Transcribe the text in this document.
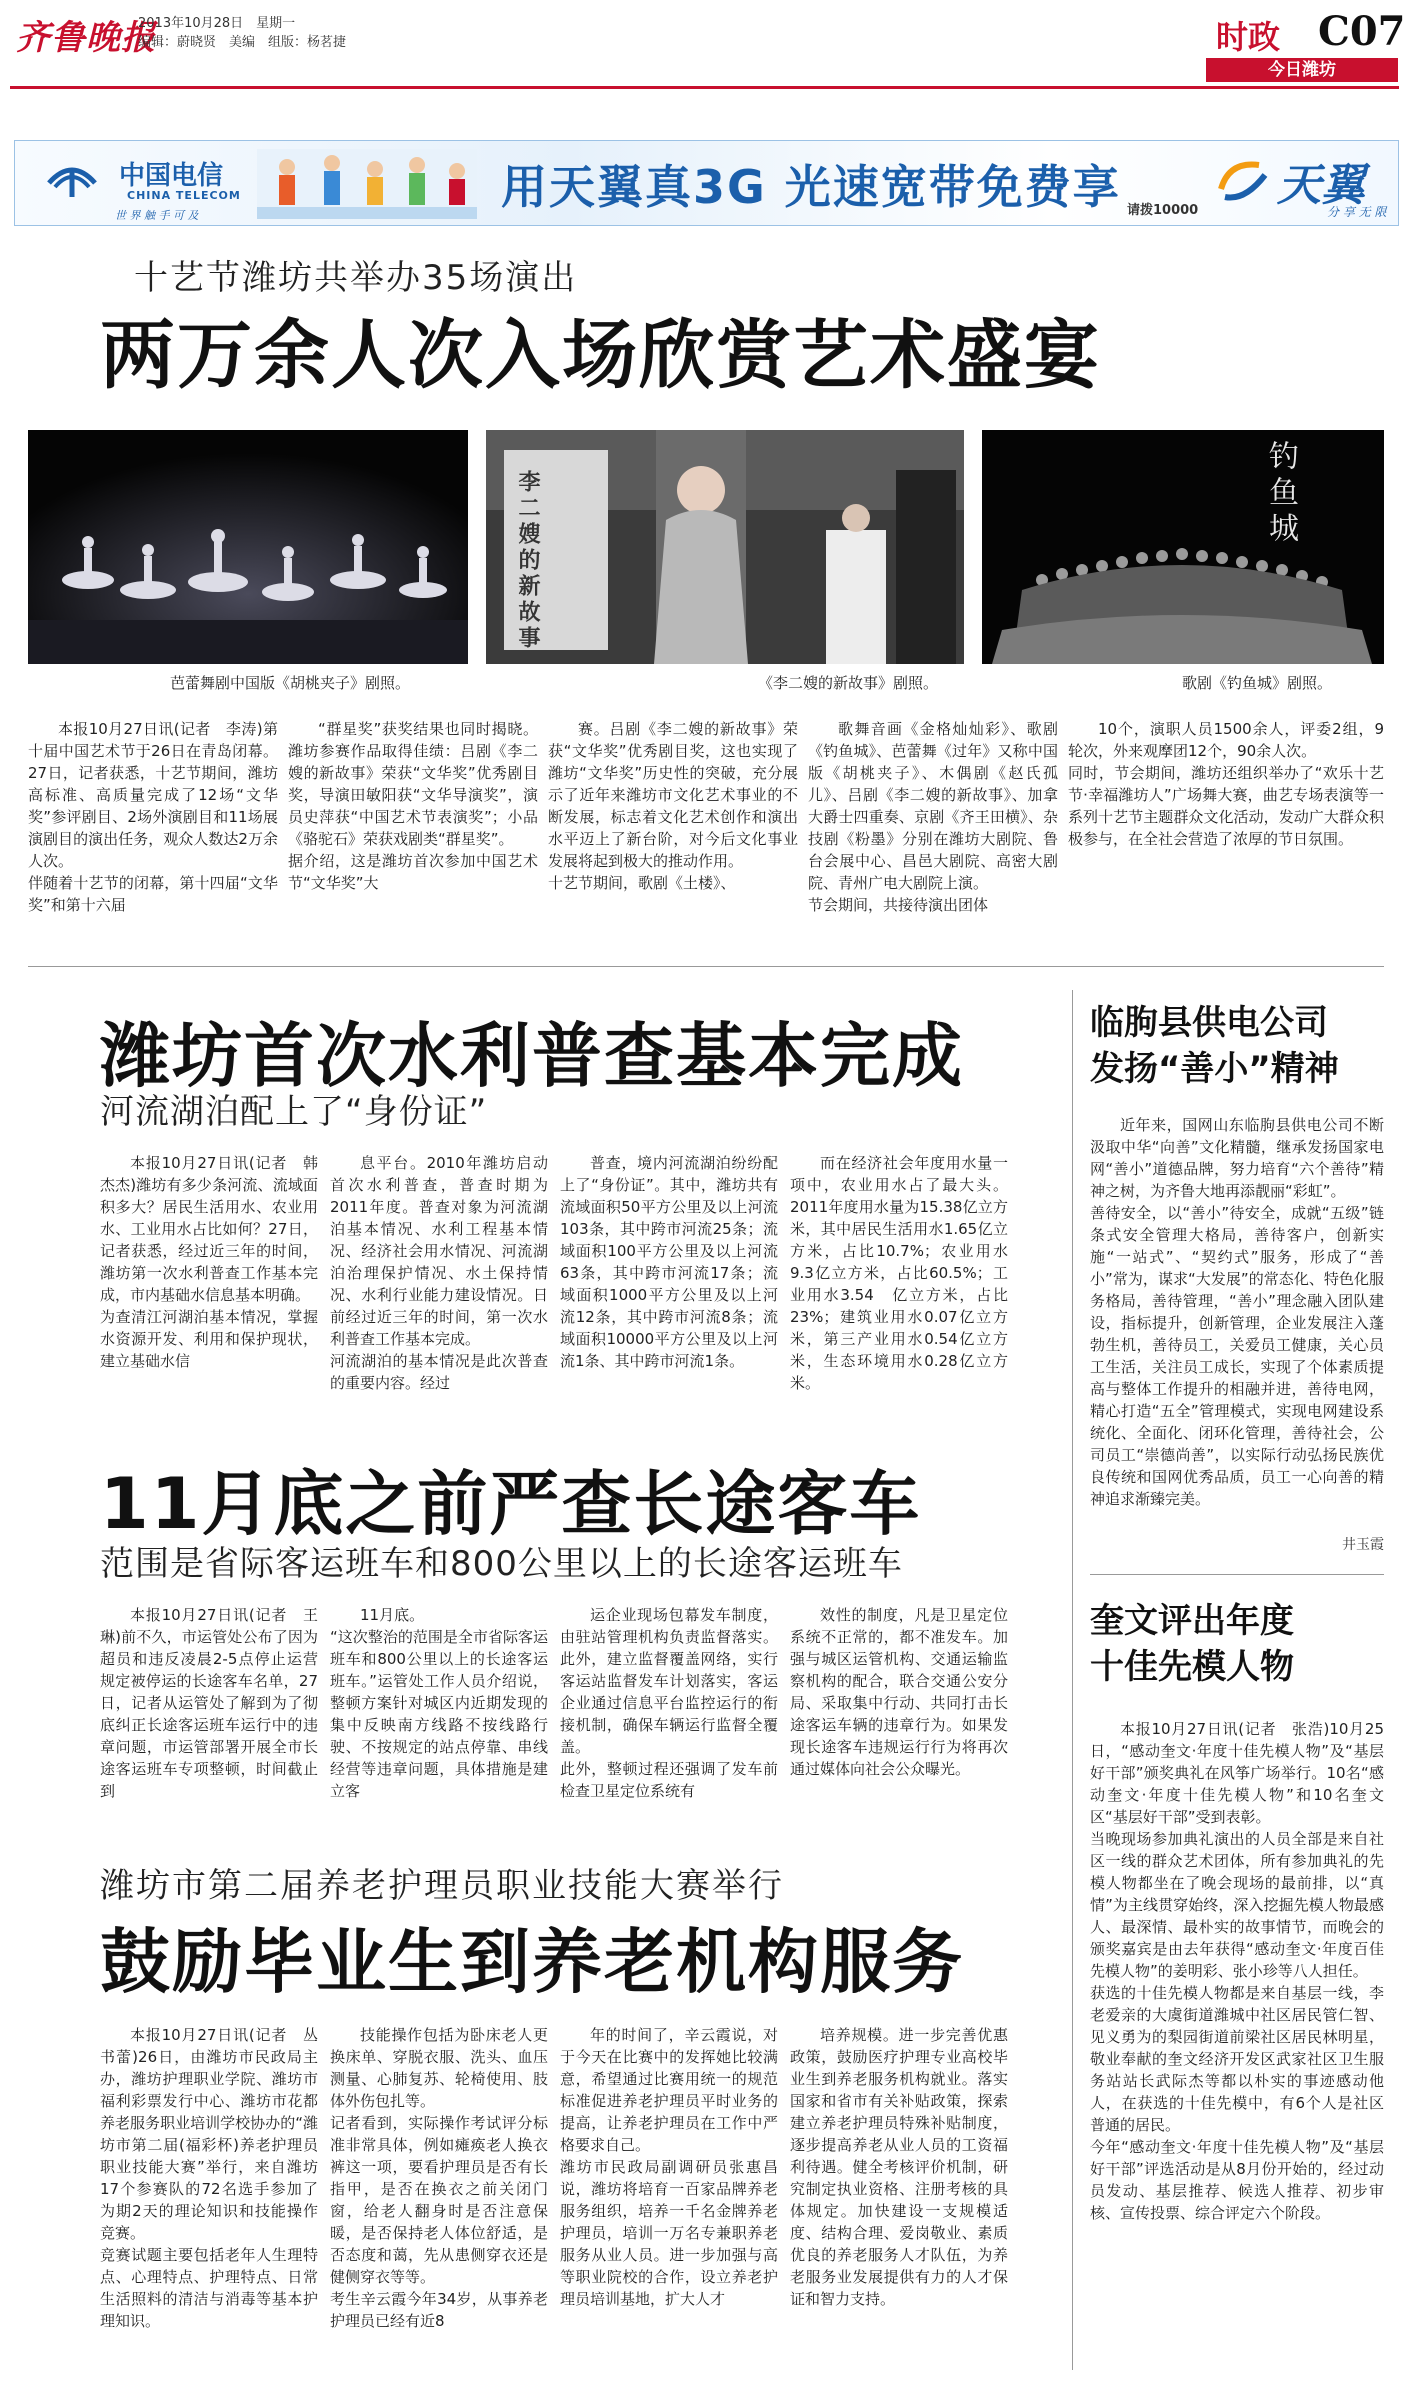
齐鲁晚报
2013年10月28日　星期一
编辑：蔚晓贤　美编　组版：杨茗捷	时政 C07
今日潍坊
中国电信
CHINA TELECOM
世 界 触 手 可 及
用天翼真3G 光速宽带免费享 请拨10000 天翼
分 享 无 限
十艺节潍坊共举办35场演出
两万余人次入场欣赏艺术盛宴
芭蕾舞剧中国版《胡桃夹子》剧照。
李二嫂的新故事
《李二嫂的新故事》剧照。
钓鱼城
歌剧《钓鱼城》剧照。
本报10月27日讯(记者　李涛)第十届中国艺术节于26日在青岛闭幕。27日，记者获悉，十艺节期间，潍坊高标准、高质量完成了12场“文华奖”参评剧目、2场外演剧目和11场展演剧目的演出任务，观众人数达2万余人次。
伴随着十艺节的闭幕，第十四届“文华奖”和第十六届
“群星奖”获奖结果也同时揭晓。潍坊参赛作品取得佳绩：吕剧《李二嫂的新故事》荣获“文华奖”优秀剧目奖，导演田敏阳获“文华导演奖”，演员史萍获“中国艺术节表演奖”；小品《骆驼石》荣获戏剧类“群星奖”。
据介绍，这是潍坊首次参加中国艺术节“文华奖”大
赛。吕剧《李二嫂的新故事》荣获“文华奖”优秀剧目奖，这也实现了潍坊“文华奖”历史性的突破，充分展示了近年来潍坊市文化艺术事业的不断发展，标志着文化艺术创作和演出水平迈上了新台阶，对今后文化事业发展将起到极大的推动作用。
十艺节期间，歌剧《土楼》、
歌舞音画《金格灿灿彩》、歌剧《钓鱼城》、芭蕾舞《过年》又称中国版《胡桃夹子》、木偶剧《赵氏孤儿》、吕剧《李二嫂的新故事》、加拿大爵士四重奏、京剧《齐王田横》、杂技剧《粉墨》分别在潍坊大剧院、鲁台会展中心、昌邑大剧院、高密大剧院、青州广电大剧院上演。
节会期间，共接待演出团体
10个，演职人员1500余人，评委2组，9轮次，外来观摩团12个，90余人次。
同时，节会期间，潍坊还组织举办了“欢乐十艺节·幸福潍坊人”广场舞大赛，曲艺专场表演等一系列十艺节主题群众文化活动，发动广大群众积极参与，在全社会营造了浓厚的节日氛围。
潍坊首次水利普查基本完成
河流湖泊配上了“身份证”
本报10月27日讯(记者　韩杰杰)潍坊有多少条河流、流域面积多大？居民生活用水、农业用水、工业用水占比如何？27日，记者获悉，经过近三年的时间，潍坊第一次水利普查工作基本完成，市内基础水信息基本明确。
为查清江河湖泊基本情况，掌握水资源开发、利用和保护现状，建立基础水信
息平台。2010年潍坊启动首次水利普查，普查时期为2011年度。普查对象为河流湖泊基本情况、水利工程基本情况、经济社会用水情况、河流湖泊治理保护情况、水土保持情况、水利行业能力建设情况。日前经过近三年的时间，第一次水利普查工作基本完成。
河流湖泊的基本情况是此次普查的重要内容。经过
普查，境内河流湖泊纷纷配上了“身份证”。其中，潍坊共有流域面积50平方公里及以上河流103条，其中跨市河流25条；流域面积100平方公里及以上河流63条，其中跨市河流17条；流域面积1000平方公里及以上河流12条，其中跨市河流8条；流域面积10000平方公里及以上河流1条、其中跨市河流1条。
而在经济社会年度用水量一项中，农业用水占了最大头。2011年度用水量为15.38亿立方米，其中居民生活用水1.65亿立方米，占比10.7%；农业用水9.3亿立方米，占比60.5%；工业用水3.54　亿立方米，占比23%；建筑业用水0.07亿立方米，第三产业用水0.54亿立方米，生态环境用水0.28亿立方米。
11月底之前严查长途客车
范围是省际客运班车和800公里以上的长途客运班车
本报10月27日讯(记者　王琳)前不久，市运管处公布了因为超员和违反凌晨2-5点停止运营规定被停运的长途客车名单，27日，记者从运管处了解到为了彻底纠正长途客运班车运行中的违章问题，市运管部署开展全市长途客运班车专项整顿，时间截止到
11月底。
“这次整治的范围是全市省际客运班车和800公里以上的长途客运班车。”运管处工作人员介绍说，整顿方案针对城区内近期发现的集中反映南方线路不按线路行驶、不按规定的站点停靠、串线经营等违章问题，具体措施是建立客
运企业现场包幕发车制度，由驻站管理机构负责监督落实。此外，建立监督覆盖网络，实行客运站监督发车计划落实，客运企业通过信息平台监控运行的衔接机制，确保车辆运行监督全覆盖。
此外，整顿过程还强调了发车前检查卫星定位系统有
效性的制度，凡是卫星定位系统不正常的，都不准发车。加强与城区运管机构、交通运输监察机构的配合，联合交通公安分局、采取集中行动、共同打击长途客运车辆的违章行为。如果发现长途客车违规运行行为将再次通过媒体向社会公众曝光。
潍坊市第二届养老护理员职业技能大赛举行
鼓励毕业生到养老机构服务
本报10月27日讯(记者　丛书蕾)26日，由潍坊市民政局主办，潍坊护理职业学院、潍坊市福利彩票发行中心、潍坊市花都养老服务职业培训学校协办的“潍坊市第二届(福彩杯)养老护理员职业技能大赛”举行，来自潍坊17个参赛队的72名选手参加了为期2天的理论知识和技能操作竞赛。
竞赛试题主要包括老年人生理特点、心理特点、护理特点、日常生活照料的清洁与消毒等基本护理知识。
技能操作包括为卧床老人更换床单、穿脱衣服、洗头、血压测量、心肺复苏、轮椅使用、肢体外伤包扎等。
记者看到，实际操作考试评分标准非常具体，例如瘫痪老人换衣裤这一项，要看护理员是否有长指甲，是否在换衣之前关闭门窗，给老人翻身时是否注意保暖，是否保持老人体位舒适，是否态度和蔼，先从患侧穿衣还是健侧穿衣等等。
考生辛云霞今年34岁，从事养老护理员已经有近8
年的时间了，辛云霞说，对于今天在比赛中的发挥她比较满意，希望通过比赛用统一的规范标准促进养老护理员平时业务的提高，让养老护理员在工作中严格要求自己。
潍坊市民政局副调研员张惠昌说，潍坊将培育一百家品牌养老服务组织，培养一千名金牌养老护理员，培训一万名专兼职养老服务从业人员。进一步加强与高等职业院校的合作，设立养老护理员培训基地，扩大人才
培养规模。进一步完善优惠政策，鼓励医疗护理专业高校毕业生到养老服务机构就业。落实国家和省市有关补贴政策，探索建立养老护理员特殊补贴制度，逐步提高养老从业人员的工资福利待遇。健全考核评价机制，研究制定执业资格、注册考核的具体规定。加快建设一支规模适度、结构合理、爱岗敬业、素质优良的养老服务人才队伍，为养老服务业发展提供有力的人才保证和智力支持。
临朐县供电公司
发扬“善小”精神
近年来，国网山东临朐县供电公司不断汲取中华“向善”文化精髓，继承发扬国家电网“善小”道德品牌，努力培育“六个善待”精神之树，为齐鲁大地再添靓丽“彩虹”。
善待安全，以“善小”待安全，成就“五级”链条式安全管理大格局，善待客户，创新实施“一站式”、“契约式”服务，形成了“善小”常为，谋求“大发展”的常态化、特色化服务格局，善待管理，“善小”理念融入团队建设，指标提升，创新管理，企业发展注入蓬勃生机，善待员工，关爱员工健康，关心员工生活，关注员工成长，实现了个体素质提高与整体工作提升的相融并进，善待电网，精心打造“五全”管理模式，实现电网建设系统化、全面化、闭环化管理，善待社会，公司员工“崇德尚善”，以实际行动弘扬民族优良传统和国网优秀品质，员工一心向善的精神追求渐臻完美。
井玉霞
奎文评出年度
十佳先模人物
本报10月27日讯(记者　张浩)10月25日，“感动奎文·年度十佳先模人物”及“基层好干部”颁奖典礼在风筝广场举行。10名“感动奎文·年度十佳先模人物”和10名奎文区“基层好干部”受到表彰。
当晚现场参加典礼演出的人员全部是来自社区一线的群众艺术团体，所有参加典礼的先模人物都坐在了晚会现场的最前排，以“真情”为主线贯穿始终，深入挖掘先模人物最感人、最深情、最朴实的故事情节，而晚会的颁奖嘉宾是由去年获得“感动奎文·年度百佳先模人物”的姜明彩、张小珍等八人担任。
获选的十佳先模人物都是来自基层一线，李老爱亲的大虞街道潍城中社区居民管仁智、见义勇为的梨园街道前梁社区居民林明星，敬业奉献的奎文经济开发区武家社区卫生服务站站长武际杰等都以朴实的事迹感动他人，在获选的十佳先模中，有6个人是社区普通的居民。
今年“感动奎文·年度十佳先模人物”及“基层好干部”评选活动是从8月份开始的，经过动员发动、基层推荐、候选人推荐、初步审核、宣传投票、综合评定六个阶段。
